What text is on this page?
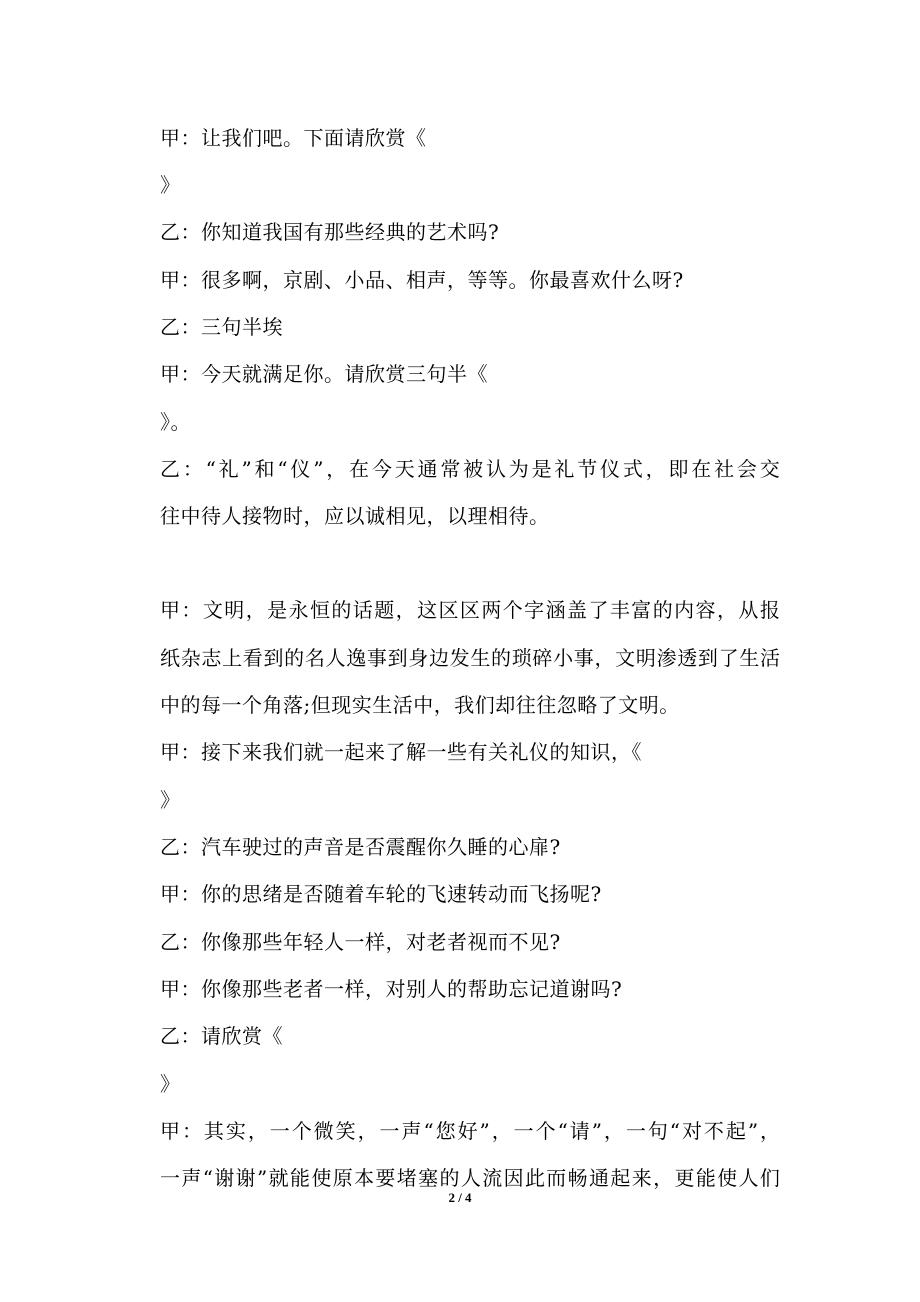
甲：让我们吧。下面请欣赏《
》
乙：你知道我国有那些经典的艺术吗?
甲：很多啊，京剧、小品、相声，等等。你最喜欢什么呀?
乙：三句半埃
甲：今天就满足你。请欣赏三句半《
》。
乙 ： “ 礼 ” 和 “ 仪 ” ， 在 今 天 通 常 被 认 为 是 礼 节 仪 式 ， 即 在 社 会 交
往中待人接物时，应以诚相见，以理相待。
甲 ： 文 明 ， 是 永 恒 的 话 题 ， 这 区 区 两 个 字 涵 盖 了 丰 富 的 内 容 ， 从 报
纸 杂 志 上 看 到 的 名 人 逸 事 到 身 边 发 生 的 琐 碎 小 事 ， 文 明 渗 透 到 了 生 活
中的每一个角落;但现实生活中，我们却往往忽略了文明。
甲：接下来我们就一起来了解一些有关礼仪的知识，《
》
乙：汽车驶过的声音是否震醒你久睡的心扉?
甲：你的思绪是否随着车轮的飞速转动而飞扬呢?
乙：你像那些年轻人一样，对老者视而不见?
甲：你像那些老者一样，对别人的帮助忘记道谢吗?
乙：请欣赏《
》
甲 ： 其 实 ， 一 个 微 笑 ， 一 声 “ 您 好 ” ， 一 个 “ 请 ” ， 一 句 “ 对 不 起 ” ，
一 声 “ 谢 谢 ” 就 能 使 原 本 要 堵 塞 的 人 流 因 此 而 畅 通 起 来 ， 更 能 使 人 们
2 / 4
